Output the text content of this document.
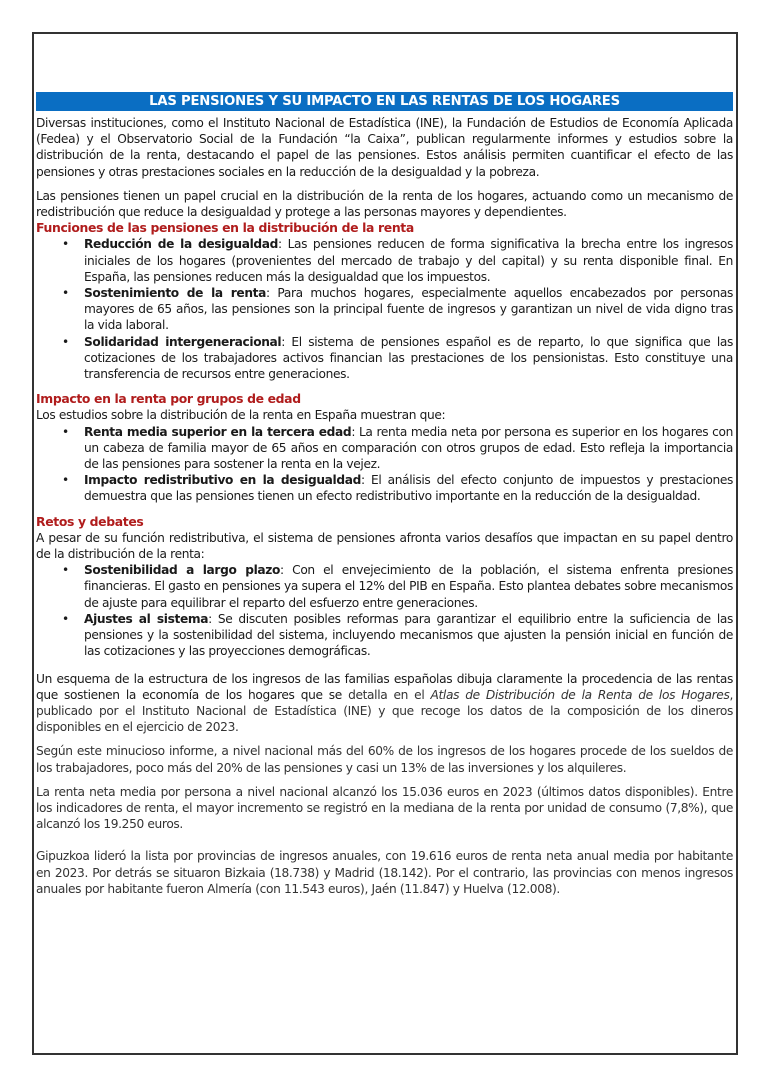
LAS PENSIONES Y SU IMPACTO EN LAS RENTAS DE LOS HOGARES

Diversas instituciones, como el Instituto Nacional de Estadística (INE), la Fundación de Estudios de Economía Aplicada (Fedea) y el Observatorio Social de la Fundación “la Caixa”, publican regularmente informes y estudios sobre la distribución de la renta, destacando el papel de las pensiones. Estos análisis permiten cuantificar el efecto de las pensiones y otras prestaciones sociales en la reducción de la desigualdad y la pobreza.

Las pensiones tienen un papel crucial en la distribución de la renta de los hogares, actuando como un mecanismo de redistribución que reduce la desigualdad y protege a las personas mayores y dependientes.

Funciones de las pensiones en la distribución de la renta
• Reducción de la desigualdad: Las pensiones reducen de forma significativa la brecha entre los ingresos iniciales de los hogares (provenientes del mercado de trabajo y del capital) y su renta disponible final. En España, las pensiones reducen más la desigualdad que los impuestos.
• Sostenimiento de la renta: Para muchos hogares, especialmente aquellos encabezados por personas mayores de 65 años, las pensiones son la principal fuente de ingresos y garantizan un nivel de vida digno tras la vida laboral.
• Solidaridad intergeneracional: El sistema de pensiones español es de reparto, lo que significa que las cotizaciones de los trabajadores activos financian las prestaciones de los pensionistas. Esto constituye una transferencia de recursos entre generaciones.
Impacto en la renta por grupos de edad

Los estudios sobre la distribución de la renta en España muestran que:

• Renta media superior en la tercera edad: La renta media neta por persona es superior en los hogares con un cabeza de familia mayor de 65 años en comparación con otros grupos de edad. Esto refleja la importancia de las pensiones para sostener la renta en la vejez.
• Impacto redistributivo en la desigualdad: El análisis del efecto conjunto de impuestos y prestaciones demuestra que las pensiones tienen un efecto redistributivo importante en la reducción de la desigualdad.
Retos y debates

A pesar de su función redistributiva, el sistema de pensiones afronta varios desafíos que impactan en su papel dentro de la distribución de la renta:

• Sostenibilidad a largo plazo: Con el envejecimiento de la población, el sistema enfrenta presiones financieras. El gasto en pensiones ya supera el 12% del PIB en España. Esto plantea debates sobre mecanismos de ajuste para equilibrar el reparto del esfuerzo entre generaciones.
• Ajustes al sistema: Se discuten posibles reformas para garantizar el equilibrio entre la suficiencia de las pensiones y la sostenibilidad del sistema, incluyendo mecanismos que ajusten la pensión inicial en función de las cotizaciones y las proyecciones demográficas.

Un esquema de la estructura de los ingresos de las familias españolas dibuja claramente la procedencia de las rentas que sostienen la economía de los hogares que se detalla en el Atlas de Distribución de la Renta de los Hogares, publicado por el Instituto Nacional de Estadística (INE) y que recoge los datos de la composición de los dineros disponibles en el ejercicio de 2023.

Según este minucioso informe, a nivel nacional más del 60% de los ingresos de los hogares procede de los sueldos de los trabajadores, poco más del 20% de las pensiones y casi un 13% de las inversiones y los alquileres.

La renta neta media por persona a nivel nacional alcanzó los 15.036 euros en 2023 (últimos datos disponibles). Entre los indicadores de renta, el mayor incremento se registró en la mediana de la renta por unidad de consumo (7,8%), que alcanzó los 19.250 euros.

Gipuzkoa lideró la lista por provincias de ingresos anuales, con 19.616 euros de renta neta anual media por habitante en 2023. Por detrás se situaron Bizkaia (18.738) y Madrid (18.142). Por el contrario, las provincias con menos ingresos anuales por habitante fueron Almería (con 11.543 euros), Jaén (11.847) y Huelva (12.008).
